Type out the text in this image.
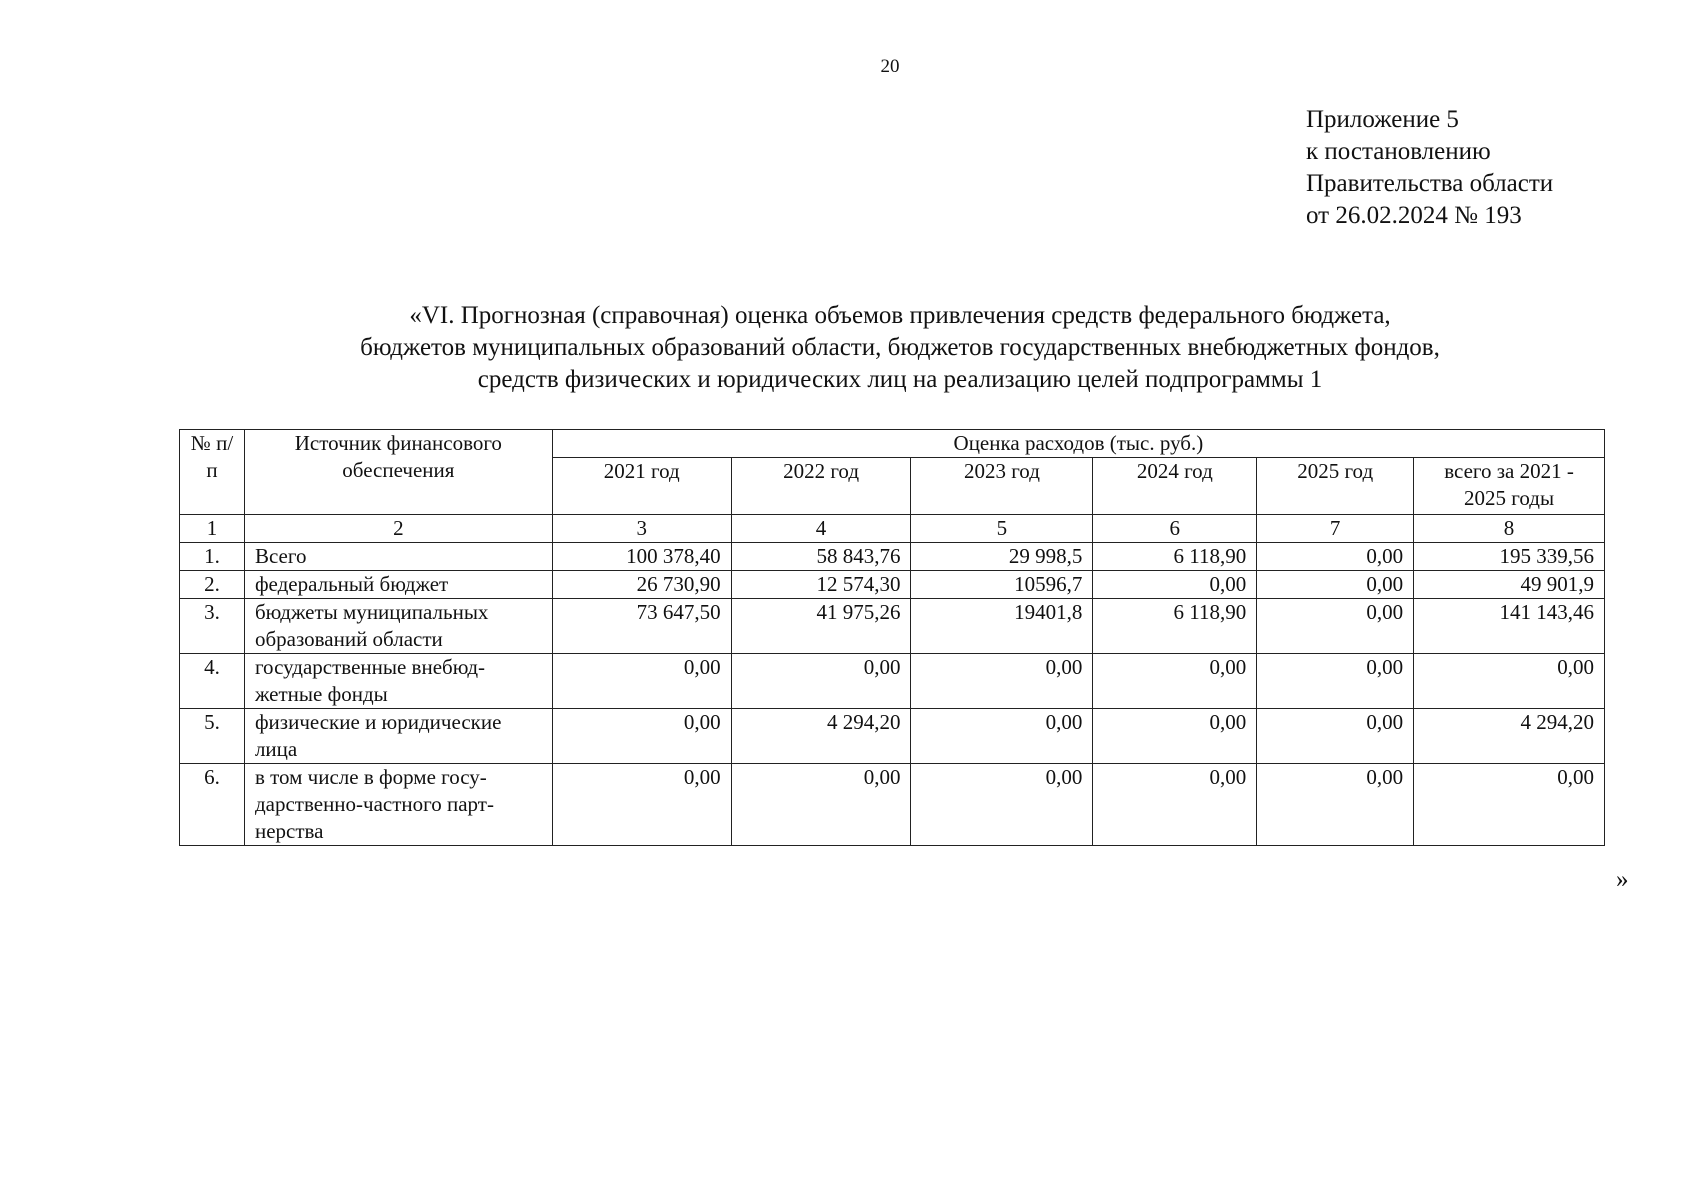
20
Приложение 5
к постановлению
Правительства области
от 26.02.2024 № 193
«VI. Прогнозная (справочная) оценка объемов привлечения средств федерального бюджета,
бюджетов муниципальных образований области, бюджетов государственных внебюджетных фондов,
средств физических и юридических лиц на реализацию целей подпрограммы 1
№ п/п	Источник финансового обеспечения	Оценка расходов (тыс. руб.)					
		2021 год	2022 год	2023 год	2024 год	2025 год	всего за 2021 - 2025 годы
1	2	3	4	5	6	7	8
1.	Всего	100 378,40	58 843,76	29 998,5	6 118,90	0,00	195 339,56
2.	федеральный бюджет	26 730,90	12 574,30	10596,7	0,00	0,00	49 901,9
3.	бюджеты муниципальных образований области	73 647,50	41 975,26	19401,8	6 118,90	0,00	141 143,46
4.	государственные внебюд-жетные фонды	0,00	0,00	0,00	0,00	0,00	0,00
5.	физические и юридические лица	0,00	4 294,20	0,00	0,00	0,00	4 294,20
6.	в том числе в форме госу-дарственно-частного парт-нерства	0,00	0,00	0,00	0,00	0,00	0,00
»
